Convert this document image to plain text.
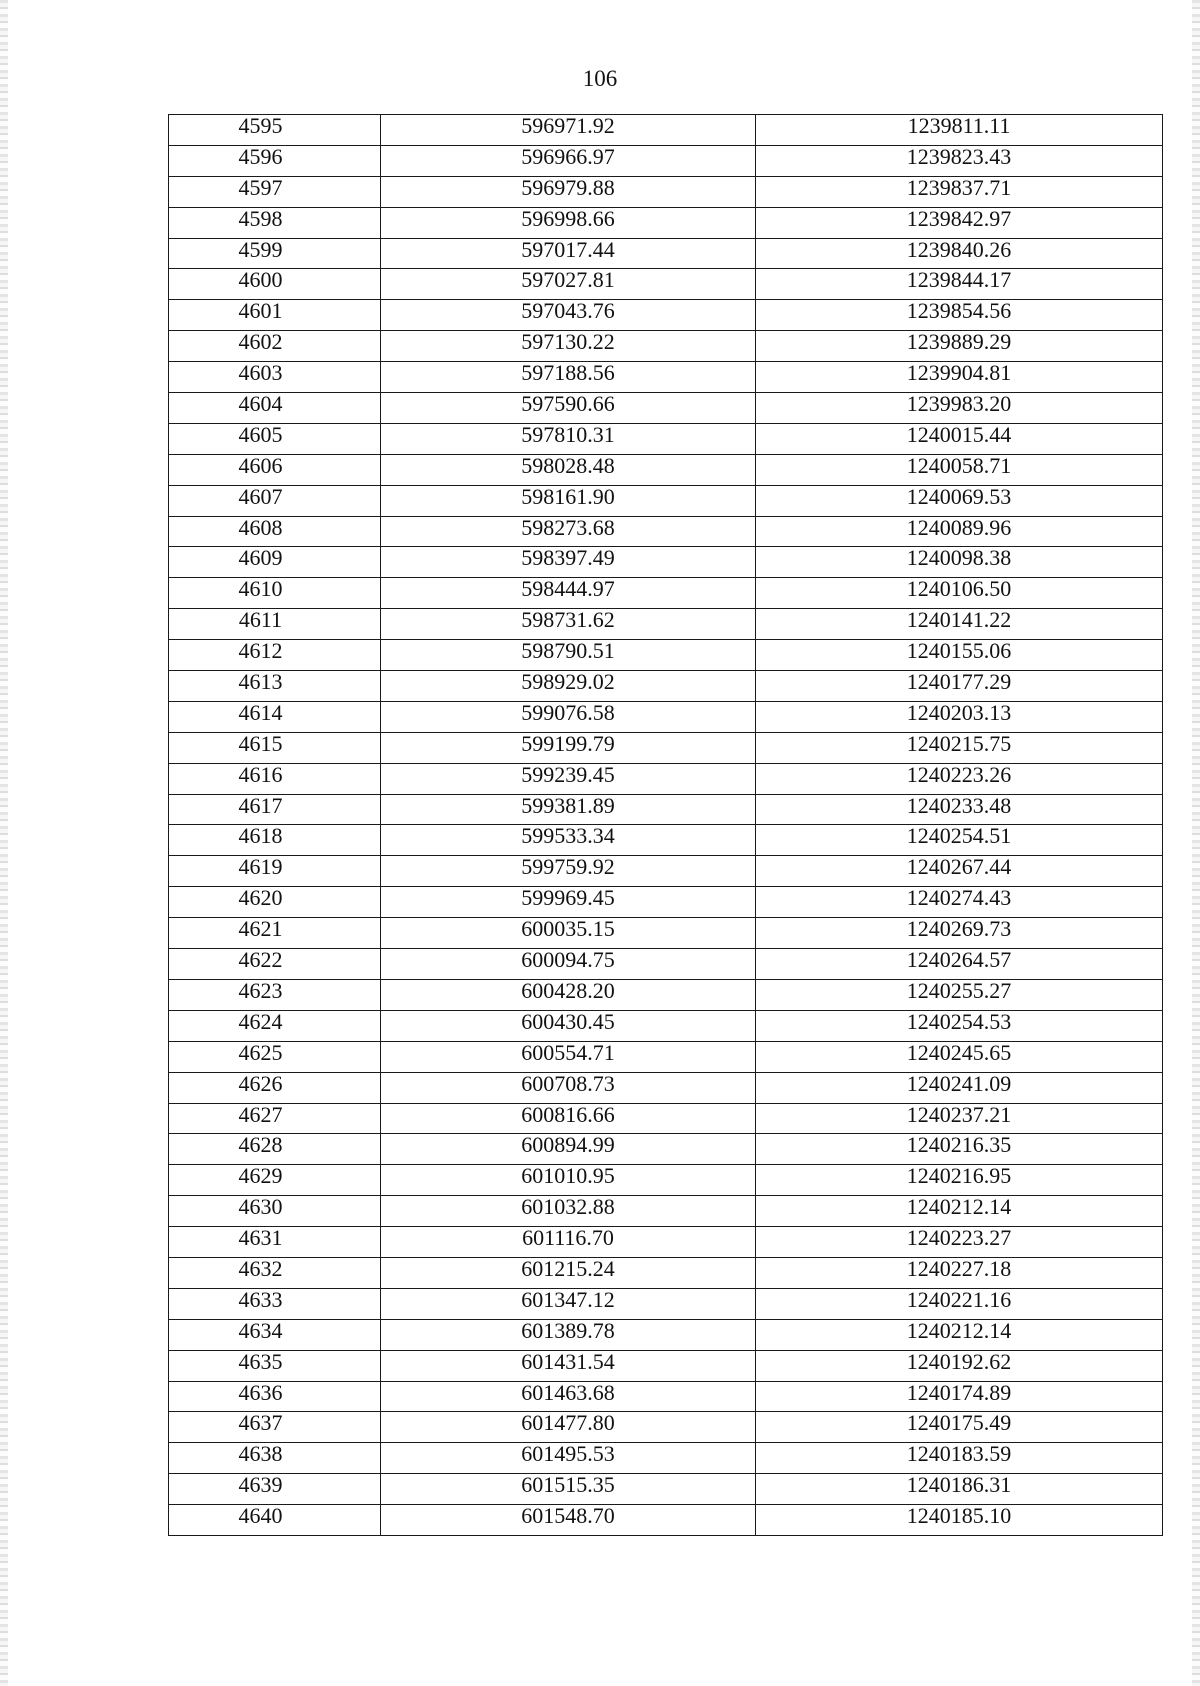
106
4595	596971.92	1239811.11
4596	596966.97	1239823.43
4597	596979.88	1239837.71
4598	596998.66	1239842.97
4599	597017.44	1239840.26
4600	597027.81	1239844.17
4601	597043.76	1239854.56
4602	597130.22	1239889.29
4603	597188.56	1239904.81
4604	597590.66	1239983.20
4605	597810.31	1240015.44
4606	598028.48	1240058.71
4607	598161.90	1240069.53
4608	598273.68	1240089.96
4609	598397.49	1240098.38
4610	598444.97	1240106.50
4611	598731.62	1240141.22
4612	598790.51	1240155.06
4613	598929.02	1240177.29
4614	599076.58	1240203.13
4615	599199.79	1240215.75
4616	599239.45	1240223.26
4617	599381.89	1240233.48
4618	599533.34	1240254.51
4619	599759.92	1240267.44
4620	599969.45	1240274.43
4621	600035.15	1240269.73
4622	600094.75	1240264.57
4623	600428.20	1240255.27
4624	600430.45	1240254.53
4625	600554.71	1240245.65
4626	600708.73	1240241.09
4627	600816.66	1240237.21
4628	600894.99	1240216.35
4629	601010.95	1240216.95
4630	601032.88	1240212.14
4631	601116.70	1240223.27
4632	601215.24	1240227.18
4633	601347.12	1240221.16
4634	601389.78	1240212.14
4635	601431.54	1240192.62
4636	601463.68	1240174.89
4637	601477.80	1240175.49
4638	601495.53	1240183.59
4639	601515.35	1240186.31
4640	601548.70	1240185.10
